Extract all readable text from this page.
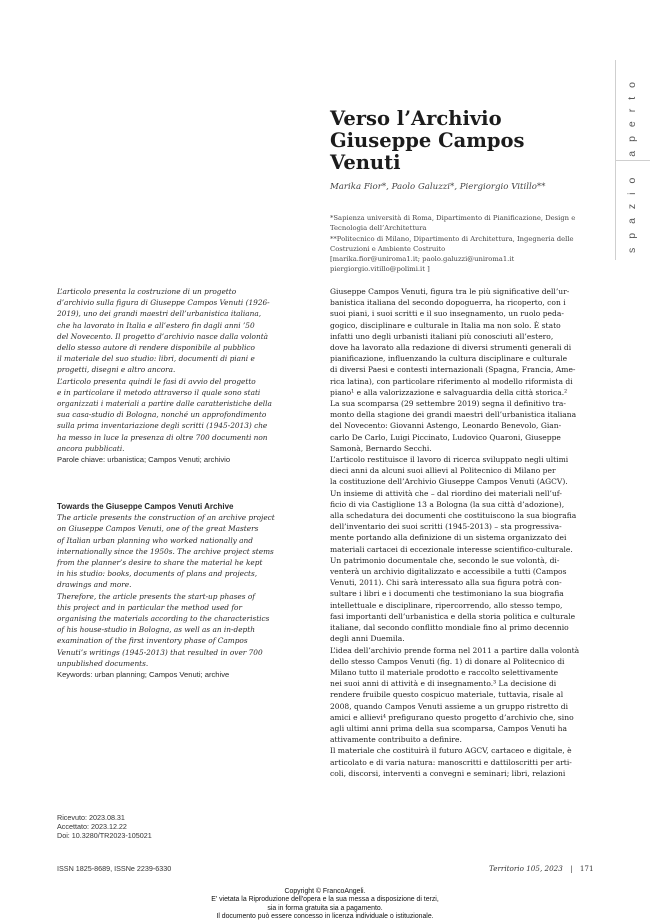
spazio aperto
Verso l’Archivio
Giuseppe Campos
Venuti
Marika Fior*, Paolo Galuzzi*, Piergiorgio Vitillo**
*Sapienza università di Roma, Dipartimento di Pianificazione, Design e
Tecnologia dell’Architettura
**Politecnico di Milano, Dipartimento di Architettura, Ingegneria delle
Costruzioni e Ambiente Costruito
[marika.fior@uniroma1.it; paolo.galuzzi@uniroma1.it
piergiorgio.vitillo@polimi.it ]
L’articolo presenta la costruzione di un progetto
d’archivio sulla figura di Giuseppe Campos Venuti (1926-
2019), uno dei grandi maestri dell’urbanistica italiana,
che ha lavorato in Italia e all’estero fin dagli anni ’50
del Novecento. Il progetto d’archivio nasce dalla volontà
dello stesso autore di rendere disponibile al pubblico
il materiale del suo studio: libri, documenti di piani e
progetti, disegni e altro ancora.
L’articolo presenta quindi le fasi di avvio del progetto
e in particolare il metodo attraverso il quale sono stati
organizzati i materiali a partire dalle caratteristiche della
sua casa-studio di Bologna, nonché un approfondimento
sulla prima inventariazione degli scritti (1945-2013) che
ha messo in luce la presenza di oltre 700 documenti non
ancora pubblicati.
Parole chiave: urbanistica; Campos Venuti; archivio
Towards the Giuseppe Campos Venuti Archive
The article presents the construction of an archive project
on Giuseppe Campos Venuti, one of the great Masters
of Italian urban planning who worked nationally and
internationally since the 1950s. The archive project stems
from the planner’s desire to share the material he kept
in his studio: books, documents of plans and projects,
drawings and more.
Therefore, the article presents the start-up phases of
this project and in particular the method used for
organising the materials according to the characteristics
of his house-studio in Bologna, as well as an in-depth
examination of the first inventory phase of Campos
Venuti’s writings (1945-2013) that resulted in over 700
unpublished documents.
Keywords: urban planning; Campos Venuti; archive
Ricevuto: 2023.08.31
Accettato: 2023.12.22
Doi: 10.3280/TR2023-105021
Giuseppe Campos Venuti, figura tra le più significative dell’ur-
banistica italiana del secondo dopoguerra, ha ricoperto, con i
suoi piani, i suoi scritti e il suo insegnamento, un ruolo peda-
gogico, disciplinare e culturale in Italia ma non solo. È stato
infatti uno degli urbanisti italiani più conosciuti all’estero,
dove ha lavorato alla redazione di diversi strumenti generali di
pianificazione, influenzando la cultura disciplinare e culturale
di diversi Paesi e contesti internazionali (Spagna, Francia, Ame-
rica latina), con particolare riferimento al modello riformista di
piano¹ e alla valorizzazione e salvaguardia della città storica.²
La sua scomparsa (29 settembre 2019) segna il definitivo tra-
monto della stagione dei grandi maestri dell’urbanistica italiana
del Novecento: Giovanni Astengo, Leonardo Benevolo, Gian-
carlo De Carlo, Luigi Piccinato, Ludovico Quaroni, Giuseppe
Samonà, Bernardo Secchi.
L’articolo restituisce il lavoro di ricerca sviluppato negli ultimi
dieci anni da alcuni suoi allievi al Politecnico di Milano per
la costituzione dell’Archivio Giuseppe Campos Venuti (AGCV).
Un insieme di attività che – dal riordino dei materiali nell’uf-
ficio di via Castiglione 13 a Bologna (la sua città d’adozione),
alla schedatura dei documenti che costituiscono la sua biografia
dell’inventario dei suoi scritti (1945-2013) – sta progressiva-
mente portando alla definizione di un sistema organizzato dei
materiali cartacei di eccezionale interesse scientifico-culturale.
Un patrimonio documentale che, secondo le sue volontà, di-
venterà un archivio digitalizzato e accessibile a tutti (Campos
Venuti, 2011). Chi sarà interessato alla sua figura potrà con-
sultare i libri e i documenti che testimoniano la sua biografia
intellettuale e disciplinare, ripercorrendo, allo stesso tempo,
fasi importanti dell’urbanistica e della storia politica e culturale
italiane, dal secondo conflitto mondiale fino al primo decennio
degli anni Duemila.
L’idea dell’archivio prende forma nel 2011 a partire dalla volontà
dello stesso Campos Venuti (fig. 1) di donare al Politecnico di
Milano tutto il materiale prodotto e raccolto selettivamente
nei suoi anni di attività e di insegnamento.³ La decisione di
rendere fruibile questo cospicuo materiale, tuttavia, risale al
2008, quando Campos Venuti assieme a un gruppo ristretto di
amici e allievi⁴ prefigurano questo progetto d’archivio che, sino
agli ultimi anni prima della sua scomparsa, Campos Venuti ha
attivamente contribuito a definire.
Il materiale che costituirà il futuro AGCV, cartaceo e digitale, è
articolato e di varia natura: manoscritti e dattiloscritti per arti-
coli, discorsi, interventi a convegni e seminari; libri, relazioni
ISSN 1825-8689, ISSNe 2239-6330	Territorio 105, 2023 | 171
Copyright © FrancoAngeli.
E' vietata la Riproduzione dell'opera e la sua messa a disposizione di terzi,
sia in forma gratuita sia a pagamento.
Il documento può essere concesso in licenza individuale o istituzionale.
